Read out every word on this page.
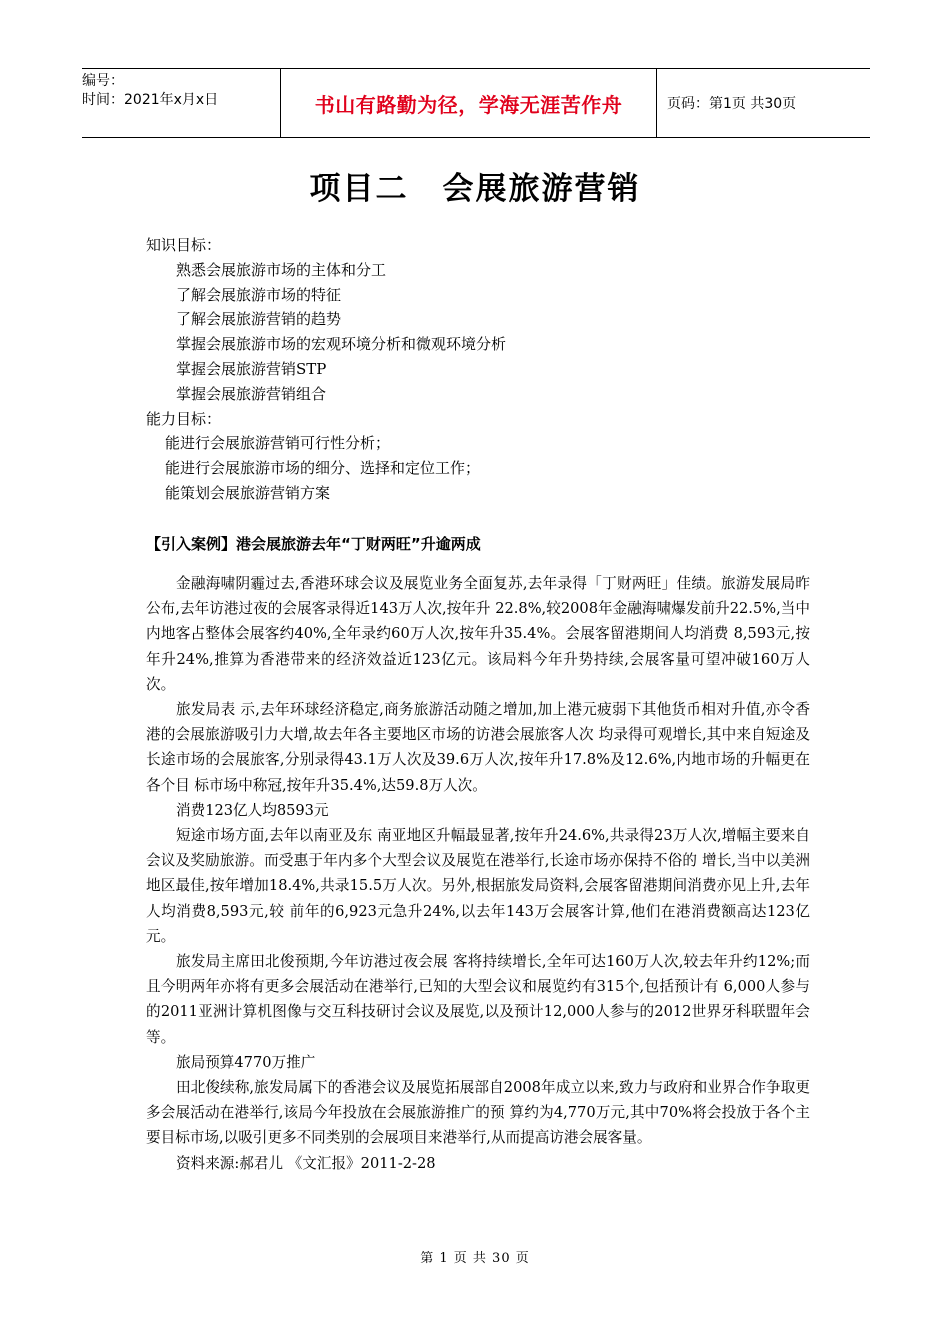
编号：
时间：2021年x月x日	书山有路勤为径，学海无涯苦作舟	页码：第1页 共30页
项目二 会展旅游营销
知识目标：
熟悉会展旅游市场的主体和分工
了解会展旅游市场的特征
了解会展旅游营销的趋势
掌握会展旅游市场的宏观环境分析和微观环境分析
掌握会展旅游营销STP
掌握会展旅游营销组合
能力目标：
能进行会展旅游营销可行性分析；
能进行会展旅游市场的细分、选择和定位工作；
能策划会展旅游营销方案
【引入案例】港会展旅游去年“丁财两旺”升逾两成

金融海啸阴霾过去,香港环球会议及展览业务全面复苏,去年录得「丁财两旺」佳绩。旅游发展局昨公布,去年访港过夜的会展客录得近143万人次,按年升 22.8%,较2008年金融海啸爆发前升22.5%,当中内地客占整体会展客约40%,全年录约60万人次,按年升35.4%。会展客留港期间人均消费 8,593元,按年升24%,推算为香港带来的经济效益近123亿元。该局料今年升势持续,会展客量可望冲破160万人次。

旅发局表 示,去年环球经济稳定,商务旅游活动随之增加,加上港元疲弱下其他货币相对升值,亦令香港的会展旅游吸引力大增,故去年各主要地区市场的访港会展旅客人次 均录得可观增长,其中来自短途及长途市场的会展旅客,分别录得43.1万人次及39.6万人次,按年升17.8%及12.6%,内地市场的升幅更在各个目 标市场中称冠,按年升35.4%,达59.8万人次。

消费123亿人均8593元

短途市场方面,去年以南亚及东 南亚地区升幅最显著,按年升24.6%,共录得23万人次,增幅主要来自会议及奖励旅游。而受惠于年内多个大型会议及展览在港举行,长途市场亦保持不俗的 增长,当中以美洲地区最佳,按年增加18.4%,共录15.5万人次。另外,根据旅发局资料,会展客留港期间消费亦见上升,去年人均消费8,593元,较 前年的6,923元急升24%,以去年143万会展客计算,他们在港消费额高达123亿元。

旅发局主席田北俊预期,今年访港过夜会展 客将持续增长,全年可达160万人次,较去年升约12%;而且今明两年亦将有更多会展活动在港举行,已知的大型会议和展览约有315个,包括预计有 6,000人参与的2011亚洲计算机图像与交互科技研讨会议及展览,以及预计12,000人参与的2012世界牙科联盟年会等。

旅局预算4770万推广

田北俊续称,旅发局属下的香港会议及展览拓展部自2008年成立以来,致力与政府和业界合作争取更多会展活动在港举行,该局今年投放在会展旅游推广的预 算约为4,770万元,其中70%将会投放于各个主要目标市场,以吸引更多不同类别的会展项目来港举行,从而提高访港会展客量。

资料来源:郝君儿 《文汇报》2011-2-28

第 1 页 共 30 页
